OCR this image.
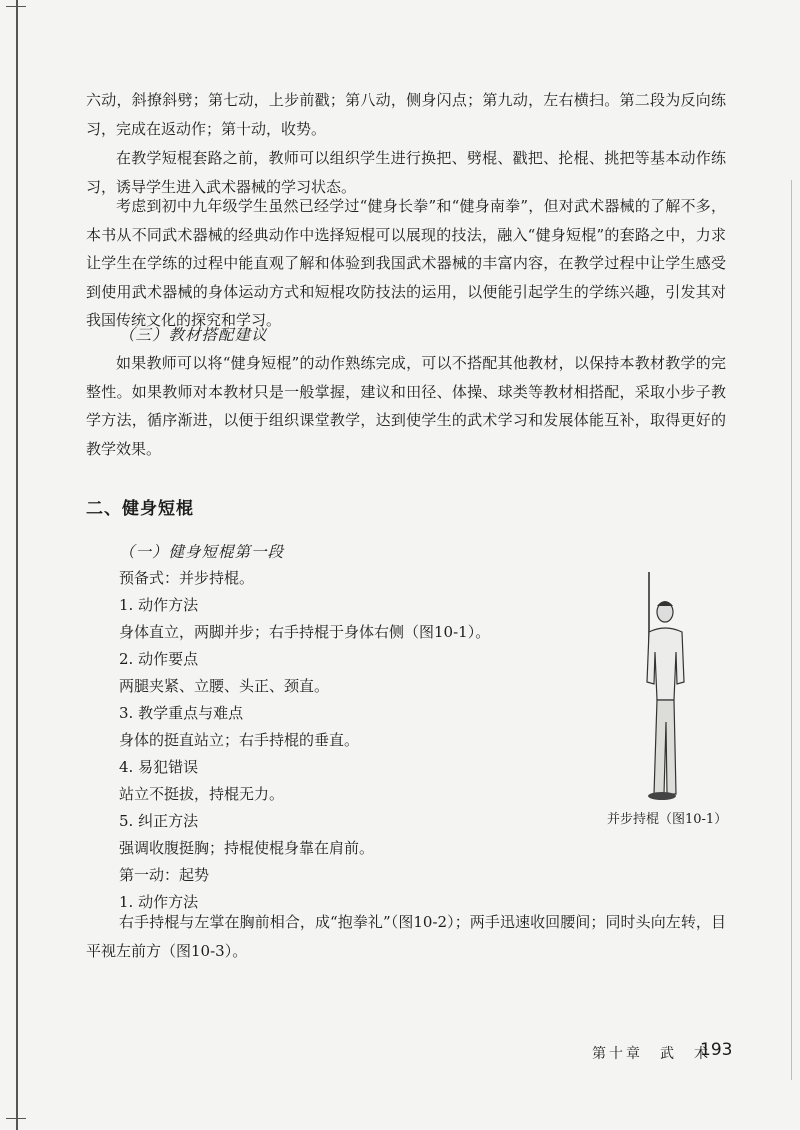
六动，斜撩斜劈；第七动，上步前戳；第八动，侧身闪点；第九动，左右横扫。第二段为反向练习，完成在返动作；第十动，收势。
在教学短棍套路之前，教师可以组织学生进行换把、劈棍、戳把、抡棍、挑把等基本动作练习，诱导学生进入武术器械的学习状态。
考虑到初中九年级学生虽然已经学过“健身长拳”和“健身南拳”，但对武术器械的了解不多，本书从不同武术器械的经典动作中选择短棍可以展现的技法，融入“健身短棍”的套路之中，力求让学生在学练的过程中能直观了解和体验到我国武术器械的丰富内容，在教学过程中让学生感受到使用武术器械的身体运动方式和短棍攻防技法的运用，以便能引起学生的学练兴趣，引发其对我国传统文化的探究和学习。
（三）教材搭配建议
如果教师可以将“健身短棍”的动作熟练完成，可以不搭配其他教材，以保持本教材教学的完整性。如果教师对本教材只是一般掌握，建议和田径、体操、球类等教材相搭配，采取小步子教学方法，循序渐进，以便于组织课堂教学，达到使学生的武术学习和发展体能互补，取得更好的教学效果。
二、健身短棍
（一）健身短棍第一段
预备式：并步持棍。
1. 动作方法
身体直立，两脚并步；右手持棍于身体右侧（图10-1）。
2. 动作要点
两腿夹紧、立腰、头正、颈直。
3. 教学重点与难点
身体的挺直站立；右手持棍的垂直。
4. 易犯错误
站立不挺拔，持棍无力。
5. 纠正方法
强调收腹挺胸；持棍使棍身靠在肩前。
第一动：起势
1. 动作方法
右手持棍与左掌在胸前相合，成“抱拳礼”（图10-2）；两手迅速收回腰间；同时头向左转，目平视左前方（图10-3）。
并步持棍（图10-1）
第十章　武　术
193
